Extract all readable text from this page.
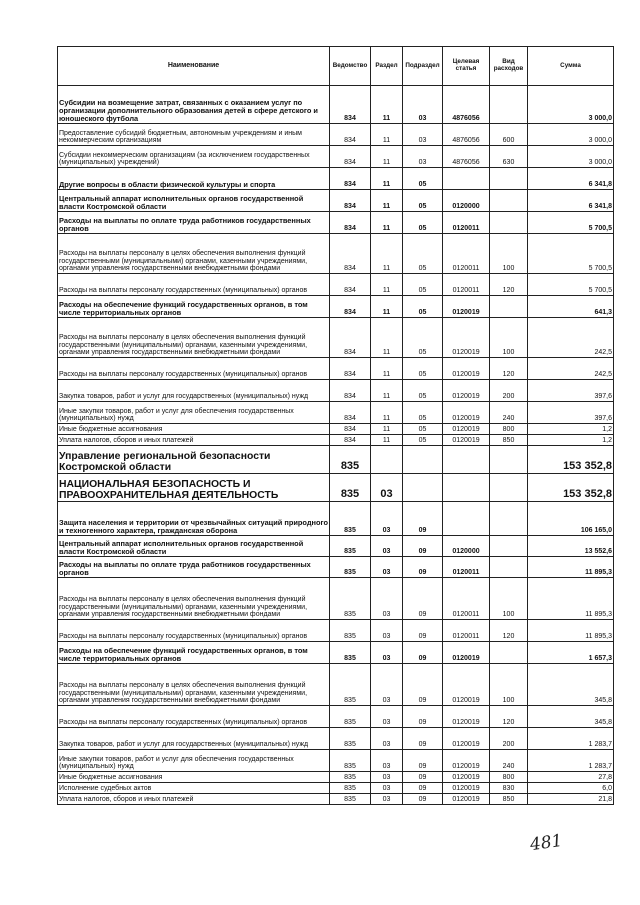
Наименование	Ведомство	Раздел	Подраздел	Целевая статья	Вид расходов	Сумма
Субсидии на возмещение затрат, связанных с оказанием услуг по организации дополнительного образования детей в сфере детского и юношеского футбола	834	11	03	4876056		3 000,0
Предоставление субсидий бюджетным, автономным учреждениям и иным некоммерческим организациям	834	11	03	4876056	600	3 000,0
Субсидии некоммерческим организациям (за исключением государственных (муниципальных) учреждений)	834	11	03	4876056	630	3 000,0
Другие вопросы в области физической культуры и спорта	834	11	05			6 341,8
Центральный аппарат исполнительных органов государственной власти Костромской области	834	11	05	0120000		6 341,8
Расходы на выплаты по оплате труда работников государственных органов	834	11	05	0120011		5 700,5
Расходы на выплаты персоналу в целях обеспечения выполнения функций государственными (муниципальными) органами, казенными учреждениями, органами управления государственными внебюджетными фондами	834	11	05	0120011	100	5 700,5
Расходы на выплаты персоналу государственных (муниципальных) органов	834	11	05	0120011	120	5 700,5
Расходы на обеспечение функций государственных органов, в том числе территориальных органов	834	11	05	0120019		641,3
Расходы на выплаты персоналу в целях обеспечения выполнения функций государственными (муниципальными) органами, казенными учреждениями, органами управления государственными внебюджетными фондами	834	11	05	0120019	100	242,5
Расходы на выплаты персоналу государственных (муниципальных) органов	834	11	05	0120019	120	242,5
Закупка товаров, работ и услуг для государственных (муниципальных) нужд	834	11	05	0120019	200	397,6
Иные закупки товаров, работ и услуг для обеспечения государственных (муниципальных) нужд	834	11	05	0120019	240	397,6
Иные бюджетные ассигнования	834	11	05	0120019	800	1,2
Уплата налогов, сборов и иных платежей	834	11	05	0120019	850	1,2
Управление региональной безопасности Костромской области	835					153 352,8
НАЦИОНАЛЬНАЯ БЕЗОПАСНОСТЬ И ПРАВООХРАНИТЕЛЬНАЯ ДЕЯТЕЛЬНОСТЬ	835	03				153 352,8
Защита населения и территории от чрезвычайных ситуаций природного и техногенного характера, гражданская оборона	835	03	09			106 165,0
Центральный аппарат исполнительных органов государственной власти Костромской области	835	03	09	0120000		13 552,6
Расходы на выплаты по оплате труда работников государственных органов	835	03	09	0120011		11 895,3
Расходы на выплаты персоналу в целях обеспечения выполнения функций государственными (муниципальными) органами, казенными учреждениями, органами управления государственными внебюджетными фондами	835	03	09	0120011	100	11 895,3
Расходы на выплаты персоналу государственных (муниципальных) органов	835	03	09	0120011	120	11 895,3
Расходы на обеспечение функций государственных органов, в том числе территориальных органов	835	03	09	0120019		1 657,3
Расходы на выплаты персоналу в целях обеспечения выполнения функций государственными (муниципальными) органами, казенными учреждениями, органами управления государственными внебюджетными фондами	835	03	09	0120019	100	345,8
Расходы на выплаты персоналу государственных (муниципальных) органов	835	03	09	0120019	120	345,8
Закупка товаров, работ и услуг для государственных (муниципальных) нужд	835	03	09	0120019	200	1 283,7
Иные закупки товаров, работ и услуг для обеспечения государственных (муниципальных) нужд	835	03	09	0120019	240	1 283,7
Иные бюджетные ассигнования	835	03	09	0120019	800	27,8
Исполнение судебных актов	835	03	09	0120019	830	6,0
Уплата налогов, сборов и иных платежей	835	03	09	0120019	850	21,8
481
